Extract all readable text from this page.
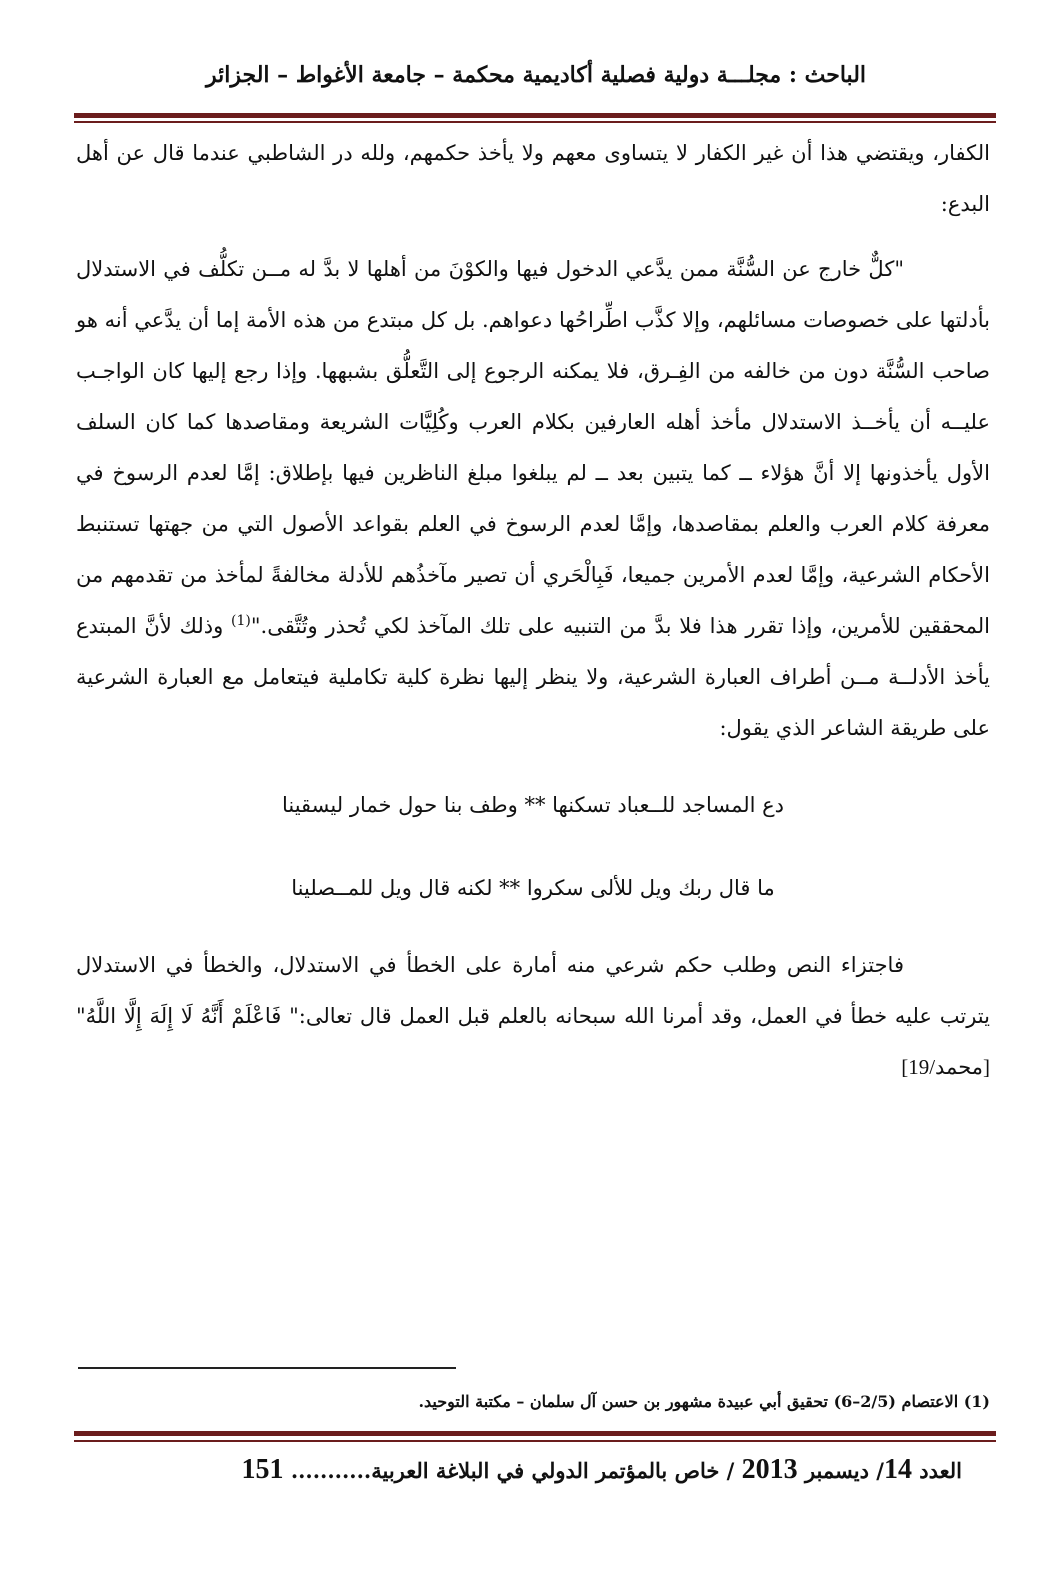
الباحث : مجلـــة دولية فصلية أكاديمية محكمة – جامعة الأغواط – الجزائر

الكفار، ويقتضي هذا أن غير الكفار لا يتساوى معهم ولا يأخذ حكمهم، ولله در الشاطبي عندما قال عن أهل البدع:

"كلٌّ خارج عن السُّنَّة ممن يدَّعي الدخول فيها والكوْنَ من أهلها لا بدَّ له مــن تكلُّف في الاستدلال بأدلتها على خصوصات مسائلهم، وإلا كذَّب اطِّراحُها دعواهم. بل كل مبتدع من هذه الأمة إما أن يدَّعي أنه هو صاحب السُّنَّة دون من خالفه من الفِـرق، فلا يمكنه الرجوع إلى التَّعلُّق بشبهها. وإذا رجع إليها كان الواجـب عليــه أن يأخــذ الاستدلال مأخذ أهله العارفين بكلام العرب وكُلِيَّات الشريعة ومقاصدها كما كان السلف الأول يأخذونها إلا أنَّ هؤلاء ــ كما يتبين بعد ــ لم يبلغوا مبلغ الناظرين فيها بإطلاق: إمَّا لعدم الرسوخ في معرفة كلام العرب والعلم بمقاصدها، وإمَّا لعدم الرسوخ في العلم بقواعد الأصول التي من جهتها تستنبط الأحكام الشرعية، وإمَّا لعدم الأمرين جميعا، فَبِالْحَري أن تصير مآخذُهم للأدلة مخالفةً لمأخذ من تقدمهم من المحققين للأمرين، وإذا تقرر هذا فلا بدَّ من التنبيه على تلك المآخذ لكي تُحذر وتُتَّقى."$^{(1)}$ وذلك لأنَّ المبتدع يأخذ الأدلــة مــن أطراف العبارة الشرعية، ولا ينظر إليها نظرة كلية تكاملية فيتعامل مع العبارة الشرعية على طريقة الشاعر الذي يقول:

دع المساجد للــعباد تسكنها ** وطف بنا حول خمار ليسقينا

ما قال ربك ويل للألى سكروا ** لكنه قال ويل للمــصلينا

فاجتزاء النص وطلب حكم شرعي منه أمارة على الخطأ في الاستدلال، والخطأ في الاستدلال يترتب عليه خطأ في العمل، وقد أمرنا الله سبحانه بالعلم قبل العمل قال تعالى:" فَاعْلَمْ أَنَّهُ لَا إِلَهَ إِلَّا اللَّهُ" [محمد/19]

(1) الاعتصام (2/5–6) تحقيق أبي عبيدة مشهور بن حسن آل سلمان – مكتبة التوحيد.
العدد 14/ ديسمبر 2013 / خاص بالمؤتمر الدولي في البلاغة العربية........... 151
